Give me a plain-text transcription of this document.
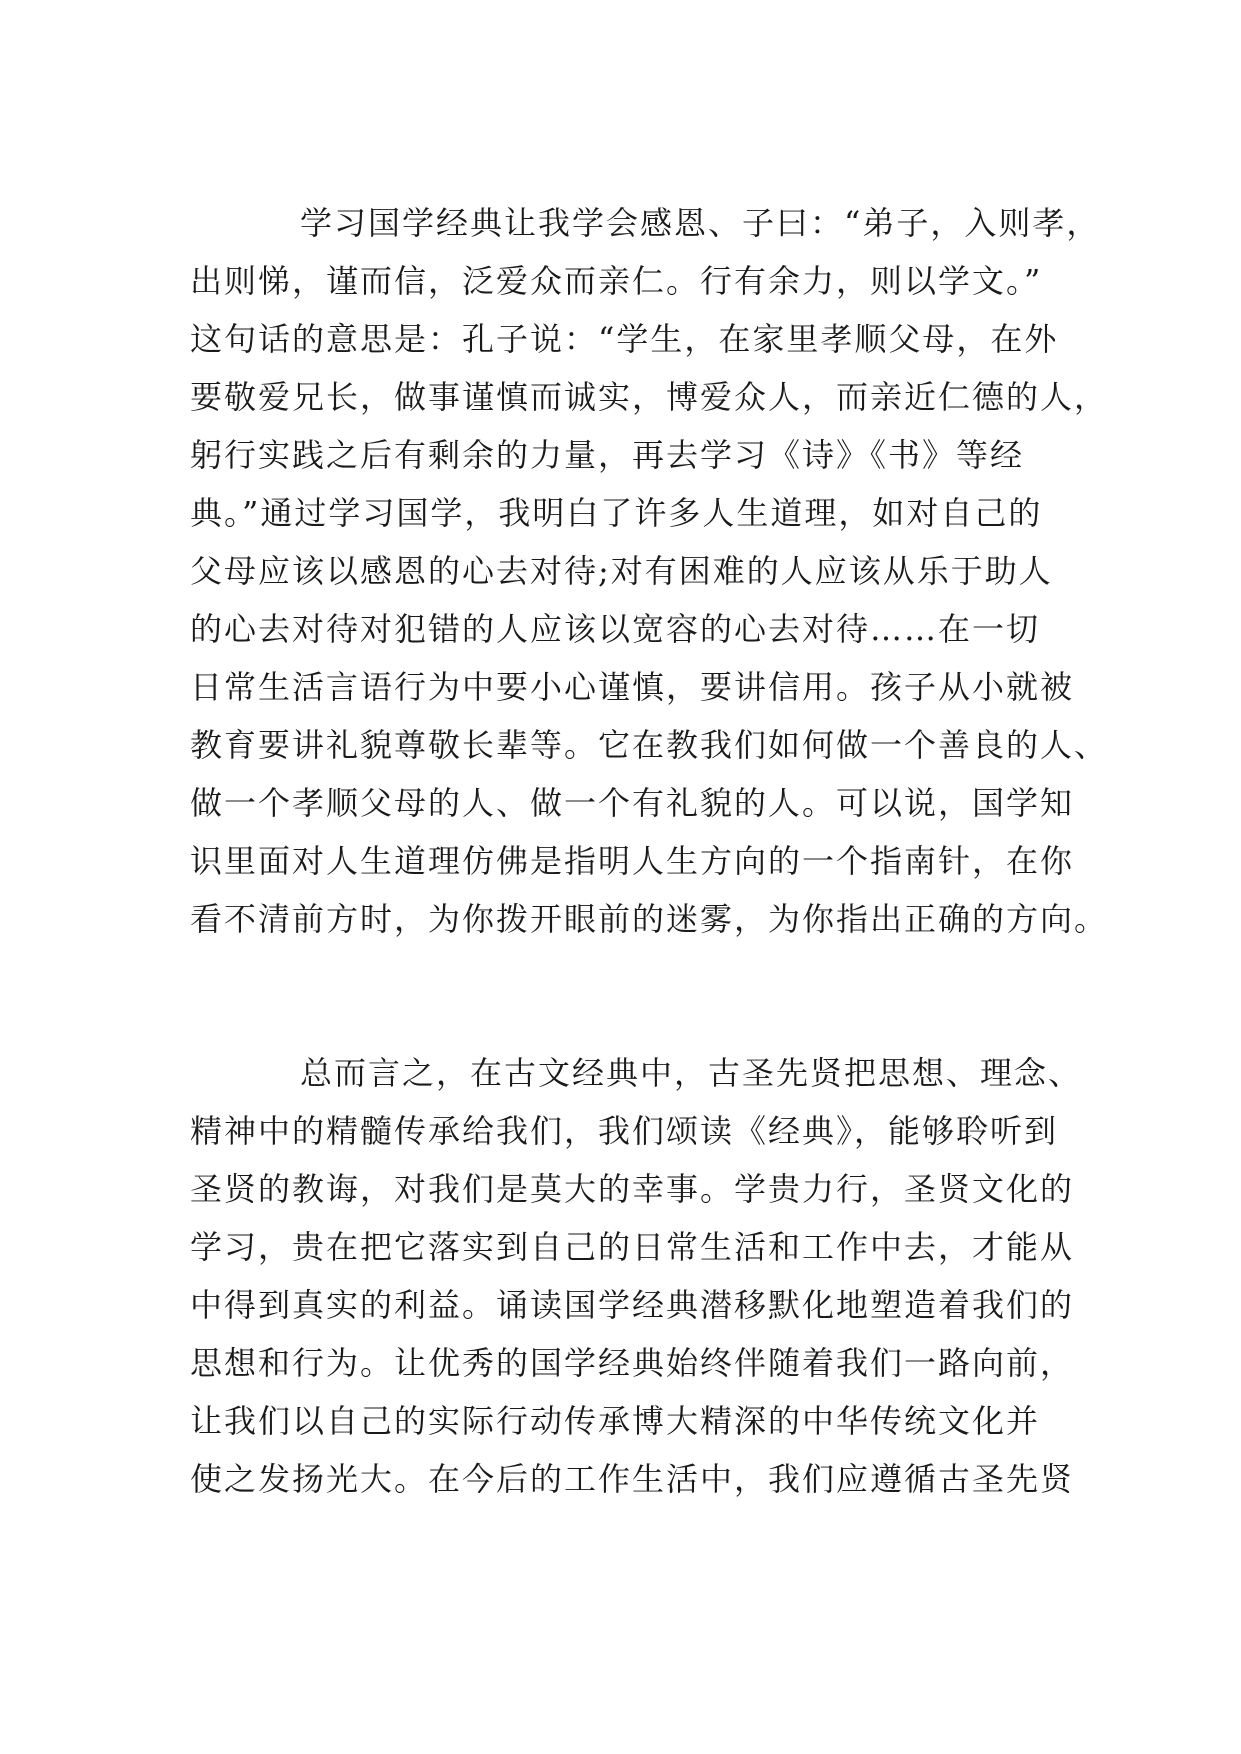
学习国学经典让我学会感恩、子曰：“弟子，入则孝，
出则悌，谨而信，泛爱众而亲仁。行有余力，则以学文。”
这句话的意思是：孔子说：“学生，在家里孝顺父母，在外
要敬爱兄长，做事谨慎而诚实，博爱众人，而亲近仁德的人，
躬行实践之后有剩余的力量，再去学习《诗》《书》等经
典。”通过学习国学，我明白了许多人生道理，如对自己的
父母应该以感恩的心去对待;对有困难的人应该从乐于助人
的心去对待对犯错的人应该以宽容的心去对待……在一切
日常生活言语行为中要小心谨慎，要讲信用。孩子从小就被
教育要讲礼貌尊敬长辈等。它在教我们如何做一个善良的人、
做一个孝顺父母的人、做一个有礼貌的人。可以说，国学知
识里面对人生道理仿佛是指明人生方向的一个指南针，在你
看不清前方时，为你拨开眼前的迷雾，为你指出正确的方向。
总而言之，在古文经典中，古圣先贤把思想、理念、
精神中的精髓传承给我们，我们颂读《经典》，能够聆听到
圣贤的教诲，对我们是莫大的幸事。学贵力行，圣贤文化的
学习，贵在把它落实到自己的日常生活和工作中去，才能从
中得到真实的利益。诵读国学经典潜移默化地塑造着我们的
思想和行为。让优秀的国学经典始终伴随着我们一路向前，
让我们以自己的实际行动传承博大精深的中华传统文化并
使之发扬光大。在今后的工作生活中，我们应遵循古圣先贤
